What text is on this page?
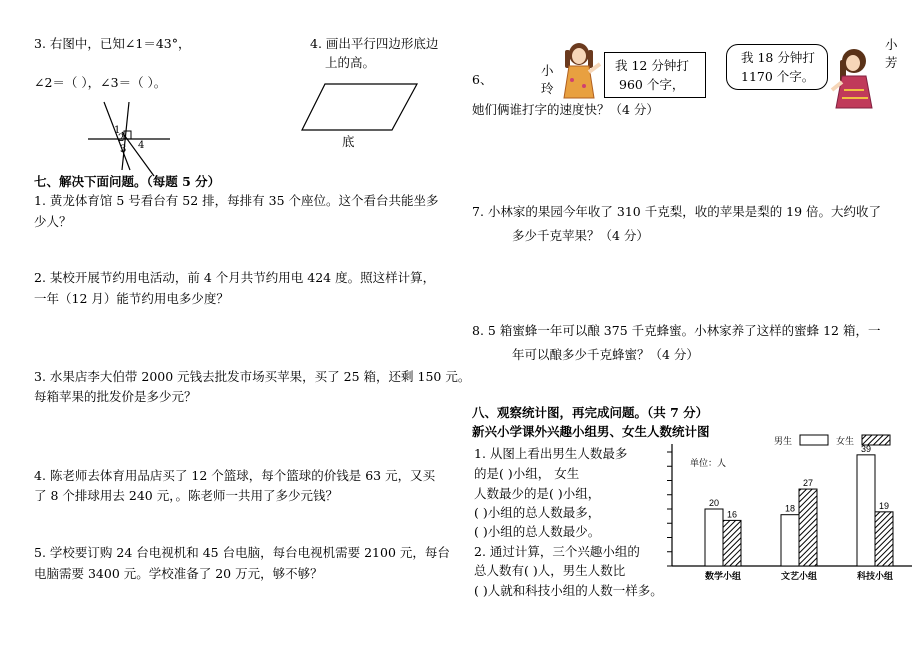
3. 右图中，已知∠1＝43°，
∠2＝（ ），∠3＝（ ）。
1
2
3 4
4. 画出平行四边形底边
上的高。
底
七、解决下面问题。（每题 5 分）
1. 黄龙体育馆 5 号看台有 52 排，每排有 35 个座位。这个看台共能坐多
少人？
2. 某校开展节约用电活动，前 4 个月共节约用电 424 度。照这样计算，
一年（12 月）能节约用电多少度？
3. 水果店李大伯带 2000 元钱去批发市场买苹果，买了 25 箱，还剩 150 元。
每箱苹果的批发价是多少元？
4. 陈老师去体育用品店买了 12 个篮球，每个篮球的价钱是 63 元，又买
了 8 个排球用去 240 元，。陈老师一共用了多少元钱？
5. 学校要订购 24 台电视机和 45 台电脑，每台电视机需要 2100 元，每台
电脑需要 3400 元。学校准备了 20 万元，够不够？
6、
小
玲
我 12 分钟打
960 个字，
我 18 分钟打
1170 个字。
小
芳
她们俩谁打字的速度快？（4 分）
7. 小林家的果园今年收了 310 千克梨，收的苹果是梨的 19 倍。大约收了
多少千克苹果？（4 分）
8. 5 箱蜜蜂一年可以酿 375 千克蜂蜜。小林家养了这样的蜜蜂 12 箱，一
年可以酿多少千克蜂蜜？（4 分）
八、观察统计图，再完成问题。（共 7 分）
新兴小学课外兴趣小组男、女生人数统计图
1. 从图上看出男生人数最多
的是( )小组， 女生
人数最少的是( )小组，
( )小组的总人数最多，
( )小组的总人数最少。
2. 通过计算，三个兴趣小组的
总人数有( )人，男生人数比
( )人就和科技小组的人数一样多。
单位：人
男生	女生
20
16
数学小组
18
27
文艺小组
39
19
科技小组
